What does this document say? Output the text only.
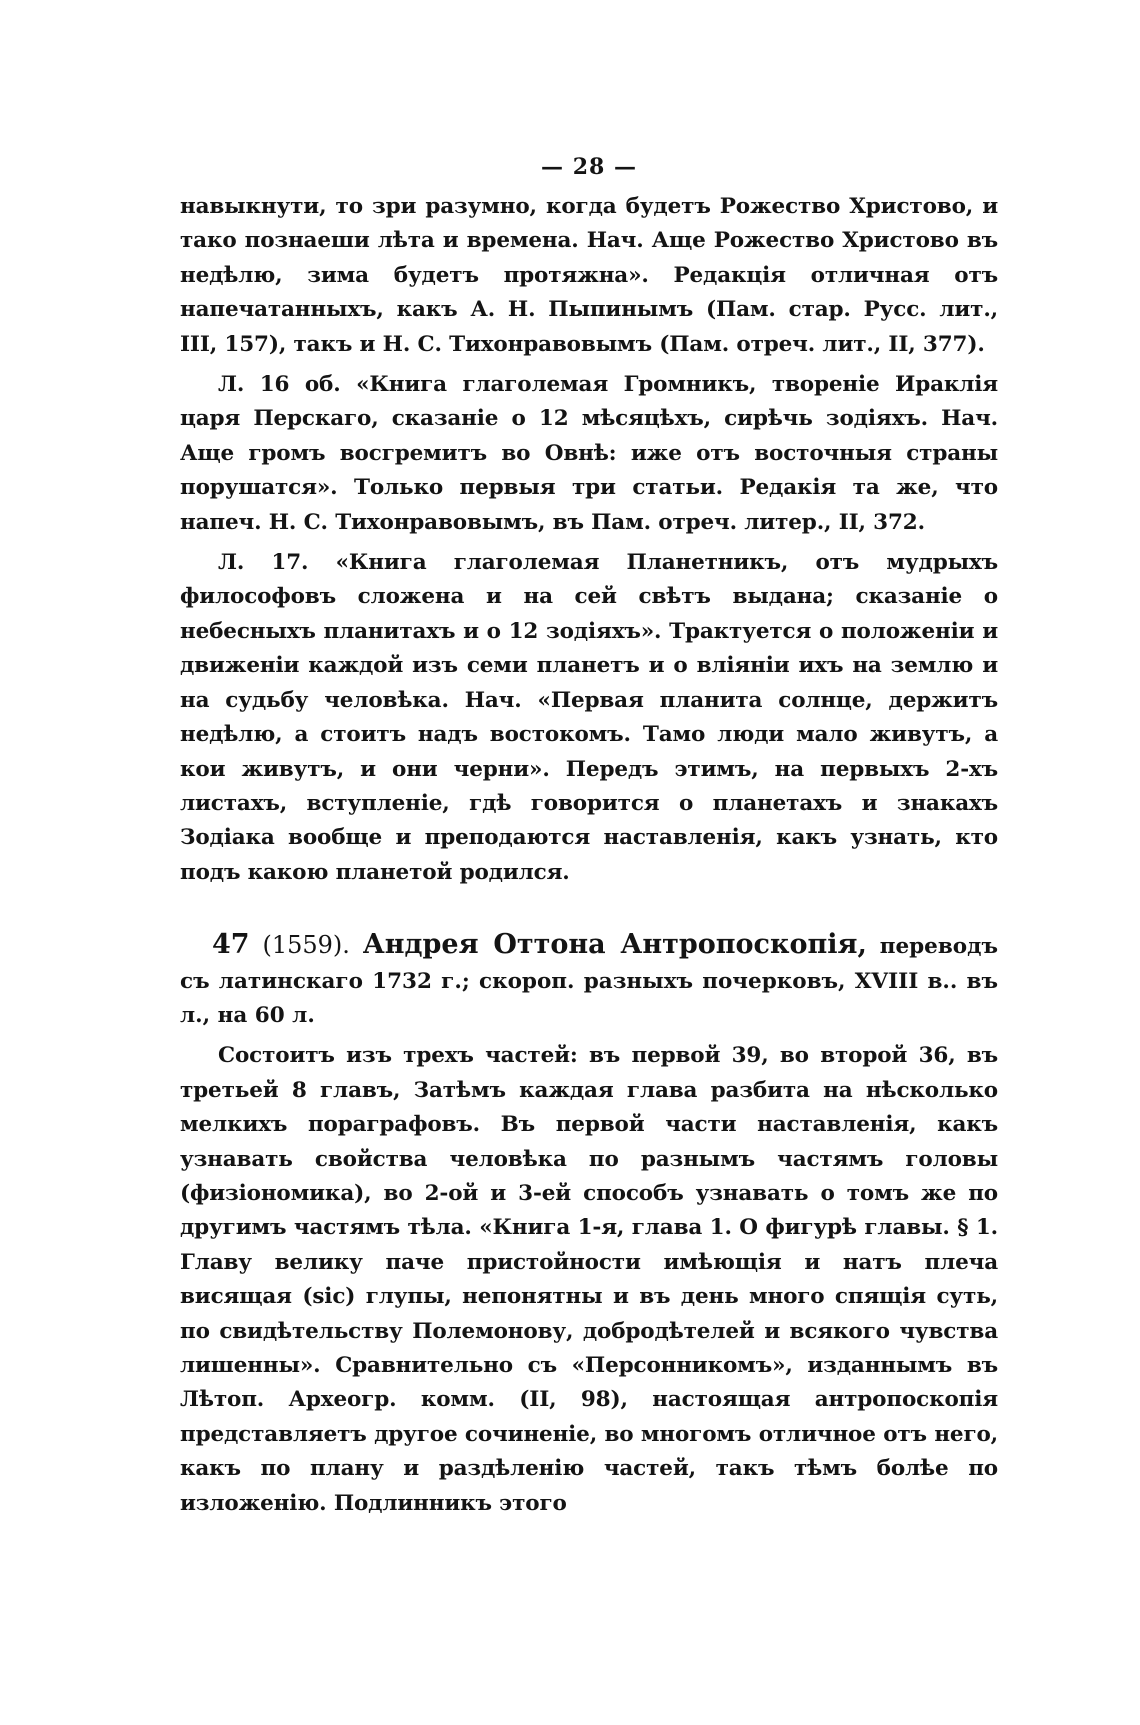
— 28 —

навыкнути, то зри разумно, когда будетъ Рожество Христово, и тако познаеши лѣта и времена. Нач. Аще Рожество Христово въ недѣлю, зима будетъ протяжна». Редакція отличная отъ напечатанныхъ, какъ А. Н. Пыпинымъ (Пам. стар. Русс. лит., III, 157), такъ и Н. С. Тихонравовымъ (Пам. отреч. лит., II, 377).

Л. 16 об. «Книга глаголемая Громникъ, твореніе Ираклія царя Перскаго, сказаніе о 12 мѣсяцѣхъ, сирѣчь зодіяхъ. Нач. Аще громъ восгремитъ во Овнѣ: иже отъ восточныя страны порушатся». Только первыя три статьи. Редакія та же, что напеч. Н. С. Тихонравовымъ, въ Пам. отреч. литер., II, 372.

Л. 17. «Книга глаголемая Планетникъ, отъ мудрыхъ философовъ сложена и на сей свѣтъ выдана; сказаніе о небесныхъ планитахъ и о 12 зодіяхъ». Трактуется о положеніи и движеніи каждой изъ семи планетъ и о вліяніи ихъ на землю и на судьбу человѣка. Нач. «Первая планита солнце, держитъ недѣлю, а стоитъ надъ востокомъ. Тамо люди мало живутъ, а кои живутъ, и они черни». Передъ этимъ, на первыхъ 2-хъ листахъ, вступленіе, гдѣ говорится о планетахъ и знакахъ Зодіака вообще и преподаются наставленія, какъ узнать, кто подъ какою планетой родился.

47 (1559). Андрея Оттона Антропоскопія, переводъ съ латинскаго 1732 г.; скороп. разныхъ почерковъ, XVIII в.. въ л., на 60 л.

Состоитъ изъ трехъ частей: въ первой 39, во второй 36, въ третьей 8 главъ, Затѣмъ каждая глава разбита на нѣсколько мелкихъ пораграфовъ. Въ первой части наставленія, какъ узнавать свойства человѣка по разнымъ частямъ головы (физіономика), во 2-ой и 3-ей способъ узнавать о томъ же по другимъ частямъ тѣла. «Книга 1-я, глава 1. О фигурѣ главы. § 1. Главу велику паче пристойности имѣющія и натъ плеча висящая (sic) глупы, непонятны и въ день много спящія суть, по свидѣтельству Полемонову, добродѣтелей и всякого чувства лишенны». Сравнительно съ «Персонникомъ», изданнымъ въ Лѣтоп. Археогр. комм. (II, 98), настоящая антропоскопія представляетъ другое сочиненіе, во многомъ отличное отъ него, какъ по плану и раздѣленію частей, такъ тѣмъ болѣе по изложенію. Подлинникъ этого
